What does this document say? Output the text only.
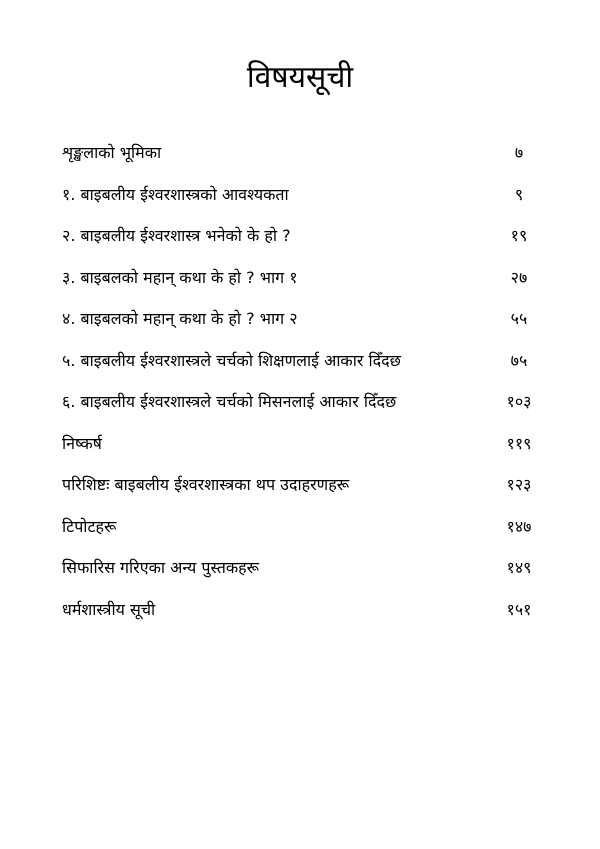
विषयसूची
शृङ्खलाको भूमिका	७
१. बाइबलीय ईश्वरशास्त्रको आवश्यकता	९
२. बाइबलीय ईश्वरशास्त्र भनेको के हो ?	१९
३. बाइबलको महान् कथा के हो ? भाग १	२७
४. बाइबलको महान् कथा के हो ? भाग २	५५
५. बाइबलीय ईश्वरशास्त्रले चर्चको शिक्षणलाई आकार दिँदछ	७५
६. बाइबलीय ईश्वरशास्त्रले चर्चको मिसनलाई आकार दिँदछ	१०३
निष्कर्ष	११९
परिशिष्टः बाइबलीय ईश्वरशास्त्रका थप उदाहरणहरू	१२३
टिपोटहरू	१४७
सिफारिस गरिएका अन्य पुस्तकहरू	१४९
धर्मशास्त्रीय सूची	१५१
